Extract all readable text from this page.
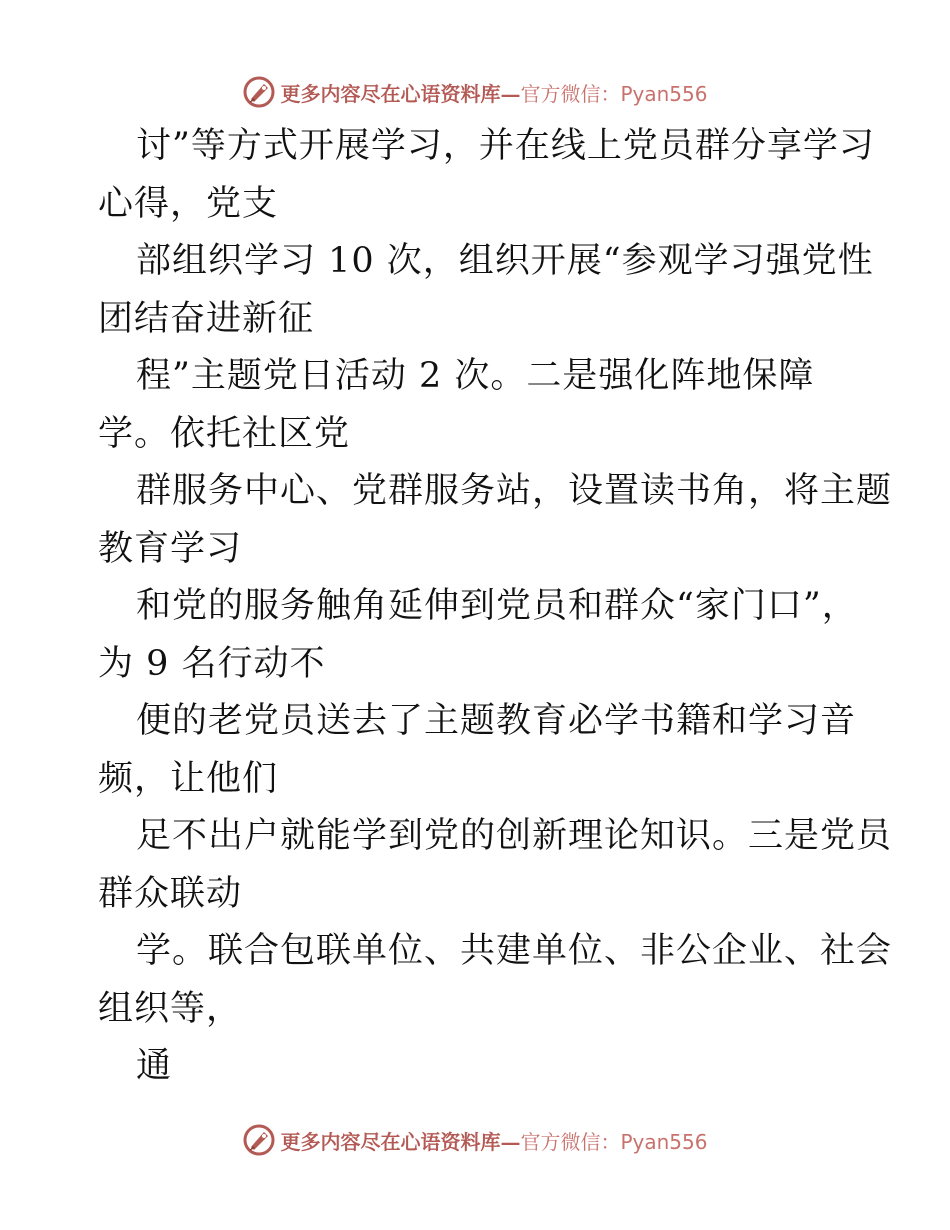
更多内容尽在心语资料库— 官方微信：Pyan556
讨”等方式开展学习，并在线上党员群分享学习
心得，党支
部组织学习 10 次，组织开展“参观学习强党性
团结奋进新征
程”主题党日活动 2 次。二是强化阵地保障
学。依托社区党
群服务中心、党群服务站，设置读书角，将主题
教育学习
和党的服务触角延伸到党员和群众“家门口”，
为 9 名行动不
便的老党员送去了主题教育必学书籍和学习音
频，让他们
足不出户就能学到党的创新理论知识。三是党员
群众联动
学。联合包联单位、共建单位、非公企业、社会
组织等，
通
更多内容尽在心语资料库— 官方微信：Pyan556
